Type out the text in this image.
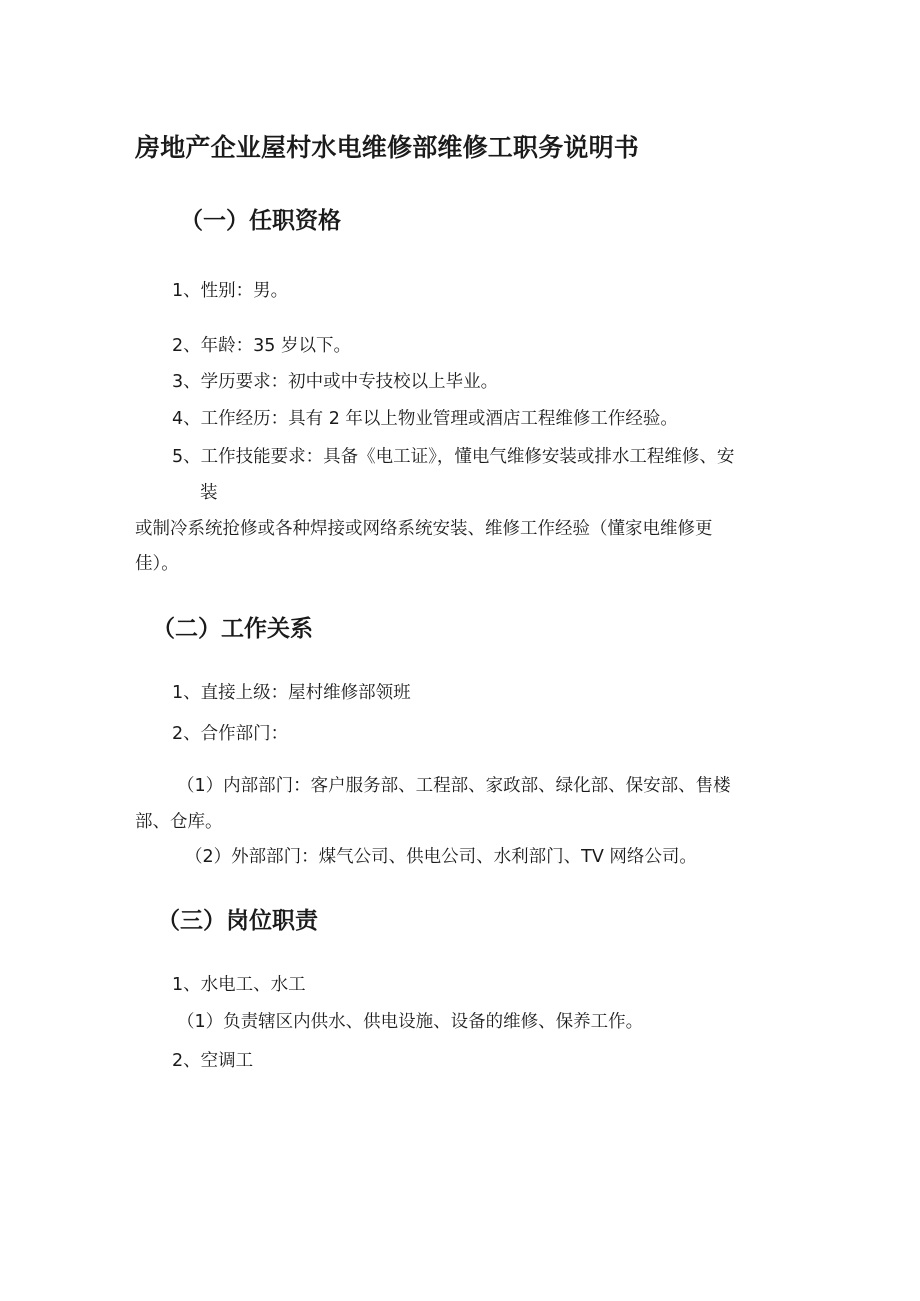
房地产企业屋村水电维修部维修工职务说明书
（一）任职资格
1、性别：男。
2、年龄：35 岁以下。
3、学历要求：初中或中专技校以上毕业。
4、工作经历：具有 2 年以上物业管理或酒店工程维修工作经验。
5、工作技能要求：具备《电工证》，懂电气维修安装或排水工程维修、安
装
或制冷系统抢修或各种焊接或网络系统安装、维修工作经验（懂家电维修更
佳）。
（二）工作关系
1、直接上级：屋村维修部领班
2、合作部门：
（1）内部部门：客户服务部、工程部、家政部、绿化部、保安部、售楼
部、仓库。
（2）外部部门：煤气公司、供电公司、水利部门、TV 网络公司。
（三）岗位职责
1、水电工、水工
（1）负责辖区内供水、供电设施、设备的维修、保养工作。
2、空调工
